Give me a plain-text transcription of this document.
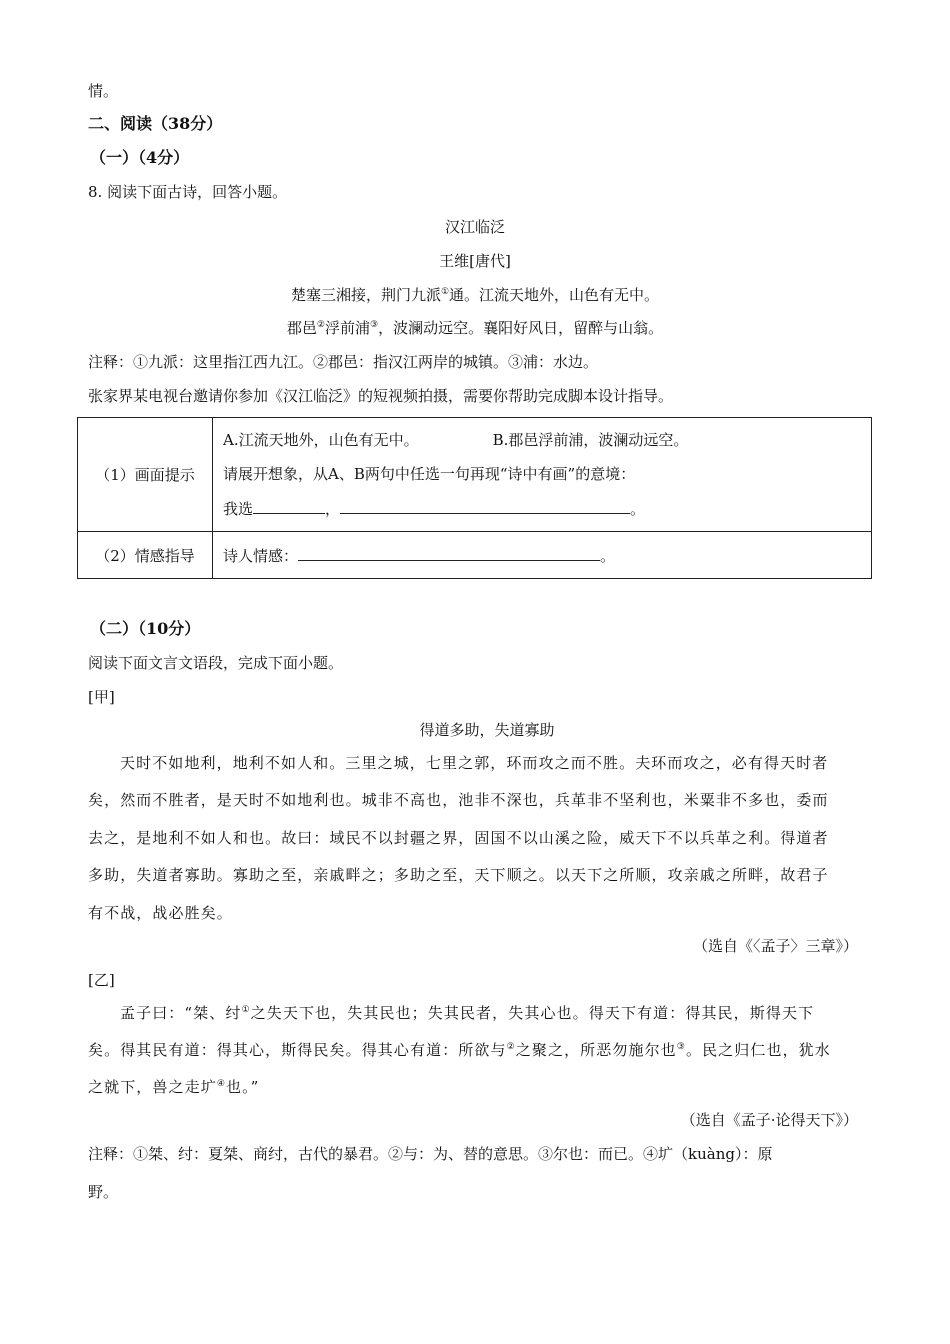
情。
二、阅读（38分）
（一）（4分）
8. 阅读下面古诗，回答小题。
汉江临泛
王维[唐代]
楚塞三湘接，荆门九派①通。江流天地外，山色有无中。
郡邑②浮前浦③，波澜动远空。襄阳好风日，留醉与山翁。
注释：①九派：这里指江西九江。②郡邑：指汉江两岸的城镇。③浦：水边。
张家界某电视台邀请你参加《汉江临泛》的短视频拍摄，需要你帮助完成脚本设计指导。
（1）画面提示	A.江流天地外，山色有无中。 B.郡邑浮前浦，波澜动远空。
请展开想象，从A、B两句中任选一句再现“诗中有画”的意境：
我选 ， 。

（2）情感指导	诗人情感： 。
（二）（10分）
阅读下面文言文语段，完成下面小题。
[甲]
得道多助，失道寡助
天时不如地利，地利不如人和。三里之城，七里之郭，环而攻之而不胜。夫环而攻之，必有得天时者
矣，然而不胜者，是天时不如地利也。城非不高也，池非不深也，兵革非不坚利也，米粟非不多也，委而
去之，是地利不如人和也。故曰：域民不以封疆之界，固国不以山溪之险，威天下不以兵革之利。得道者
多助，失道者寡助。寡助之至，亲戚畔之；多助之至，天下顺之。以天下之所顺，攻亲戚之所畔，故君子
有不战，战必胜矣。
（选自《〈孟子〉三章》）
[乙]
孟子曰：“桀、纣①之失天下也，失其民也；失其民者，失其心也。得天下有道：得其民，斯得天下
矣。得其民有道：得其心，斯得民矣。得其心有道：所欲与②之聚之，所恶勿施尔也③。民之归仁也，犹水
之就下，兽之走圹④也。”
（选自《孟子·论得天下》）
注释：①桀、纣：夏桀、商纣，古代的暴君。②与：为、替的意思。③尔也：而已。④圹（kuàng）：原
野。
